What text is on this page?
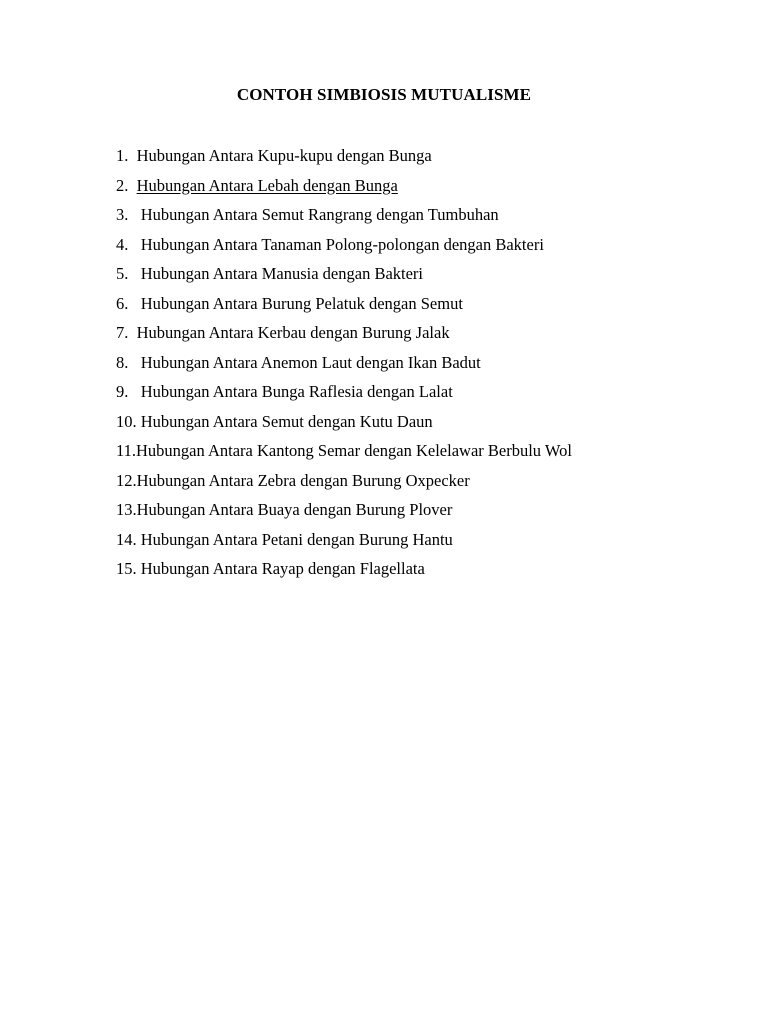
CONTOH SIMBIOSIS MUTUALISME
1. Hubungan Antara Kupu-kupu dengan Bunga
2. Hubungan Antara Lebah dengan Bunga
3. Hubungan Antara Semut Rangrang dengan Tumbuhan
4. Hubungan Antara Tanaman Polong-polongan dengan Bakteri
5. Hubungan Antara Manusia dengan Bakteri
6. Hubungan Antara Burung Pelatuk dengan Semut
7. Hubungan Antara Kerbau dengan Burung Jalak
8. Hubungan Antara Anemon Laut dengan Ikan Badut
9. Hubungan Antara Bunga Raflesia dengan Lalat
10. Hubungan Antara Semut dengan Kutu Daun
11.Hubungan Antara Kantong Semar dengan Kelelawar Berbulu Wol
12.Hubungan Antara Zebra dengan Burung Oxpecker
13.Hubungan Antara Buaya dengan Burung Plover
14. Hubungan Antara Petani dengan Burung Hantu
15. Hubungan Antara Rayap dengan Flagellata
